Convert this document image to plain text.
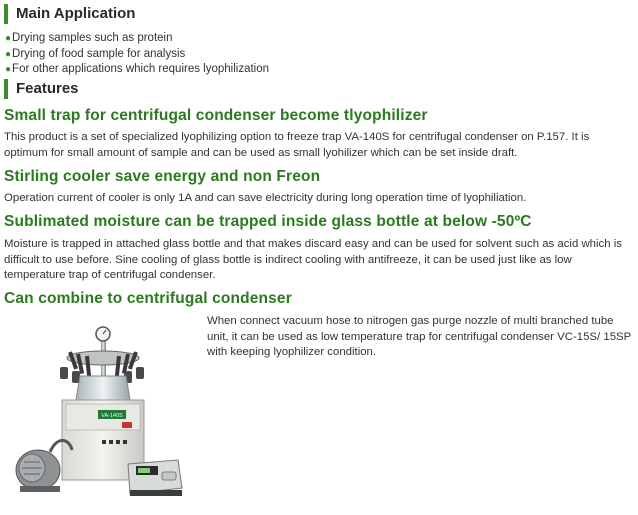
Main Application
●Drying samples such as protein
●Drying of food sample for analysis
●For other applications which requires lyophilization
Features
Small trap for centrifugal condenser become tlyophilizer

This product is a set of specialized lyophilizing option to freeze trap VA-140S for centrifugal condenser on P.157. It is optimum for small amount of sample and can be used as small lyohilizer which can be set inside draft.

Stirling cooler save energy and non Freon

Operation current of cooler is only 1A and can save electricity during long operation time of lyophiliation.

Sublimated moisture can be trapped inside glass bottle at below -50ºC

Moisture is trapped in attached glass bottle and that makes discard easy and can be used for solvent such as acid which is difficult to use before. Sine cooling of glass bottle is indirect cooling with antifreeze, it can be used just like as low temperature trap of centrifugal condenser.

Can combine to centrifugal condenser

When connect vacuum hose to nitrogen gas purge nozzle of multi branched tube unit, it can be used as low temperature trap for centrifugal condenser VC-15S/ 15SP with keeping lyophilizer condition.

VA-140S
